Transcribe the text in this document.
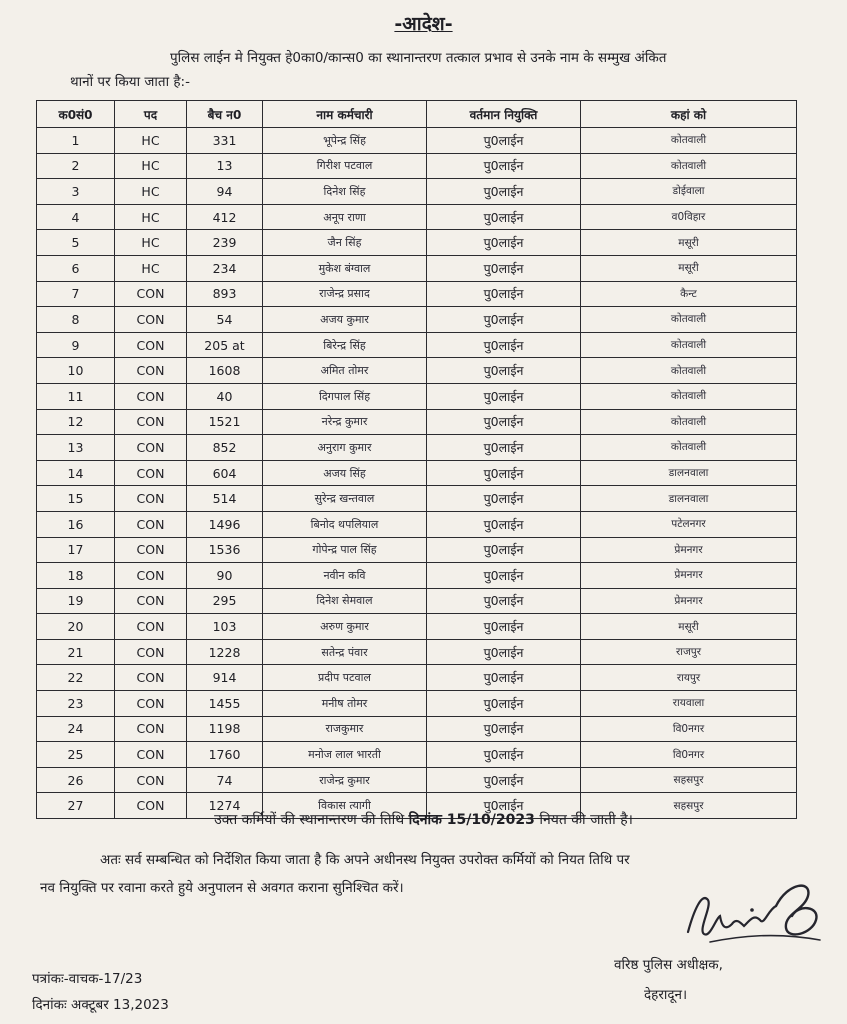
-आदेश-
पुलिस लाईन मे नियुक्त हे0का0/कान्स0 का स्थानान्तरण तत्काल प्रभाव से उनके नाम के सम्मुख अंकित
थानों पर किया जाता है:-
क0सं0	पद	बैच न0	नाम कर्मचारी	वर्तमान नियुक्ति	कहां को
1	HC	331	भूपेन्द्र सिंह	पु0लाईन	कोतवाली
2	HC	13	गिरीश पटवाल	पु0लाईन	कोतवाली
3	HC	94	दिनेश सिंह	पु0लाईन	डोईवाला
4	HC	412	अनूप राणा	पु0लाईन	व0विहार
5	HC	239	जैन सिंह	पु0लाईन	मसूरी
6	HC	234	मुकेश बंग्वाल	पु0लाईन	मसूरी
7	CON	893	राजेन्द्र प्रसाद	पु0लाईन	कैन्ट
8	CON	54	अजय कुमार	पु0लाईन	कोतवाली
9	CON	205 at	बिरेन्द्र सिंह	पु0लाईन	कोतवाली
10	CON	1608	अमित तोमर	पु0लाईन	कोतवाली
11	CON	40	दिगपाल सिंह	पु0लाईन	कोतवाली
12	CON	1521	नरेन्द्र कुमार	पु0लाईन	कोतवाली
13	CON	852	अनुराग कुमार	पु0लाईन	कोतवाली
14	CON	604	अजय सिंह	पु0लाईन	डालनवाला
15	CON	514	सुरेन्द्र खन्तवाल	पु0लाईन	डालनवाला
16	CON	1496	बिनोद थपलियाल	पु0लाईन	पटेलनगर
17	CON	1536	गोपेन्द्र पाल सिंह	पु0लाईन	प्रेमनगर
18	CON	90	नवीन कवि	पु0लाईन	प्रेमनगर
19	CON	295	दिनेश सेमवाल	पु0लाईन	प्रेमनगर
20	CON	103	अरुण कुमार	पु0लाईन	मसूरी
21	CON	1228	सतेन्द्र पंवार	पु0लाईन	राजपुर
22	CON	914	प्रदीप पटवाल	पु0लाईन	रायपुर
23	CON	1455	मनीष तोमर	पु0लाईन	रायवाला
24	CON	1198	राजकुमार	पु0लाईन	वि0नगर
25	CON	1760	मनोज लाल भारती	पु0लाईन	वि0नगर
26	CON	74	राजेन्द्र कुमार	पु0लाईन	सहसपुर
27	CON	1274	विकास त्यागी	पु0लाईन	सहसपुर
उक्त कर्मियों की स्थानान्तरण की तिथि दिनांक 15/10/2023 नियत की जाती है।
अतः सर्व सम्बन्धित को निर्देशित किया जाता है कि अपने अधीनस्थ नियुक्त उपरोक्त कर्मियों को नियत तिथि पर
नव नियुक्ति पर रवाना करते हुये अनुपालन से अवगत कराना सुनिश्चित करें।
वरिष्ठ पुलिस अधीक्षक,
देहरादून।
पत्रांकः-वाचक-17/23
दिनांकः अक्टूबर 13,2023
